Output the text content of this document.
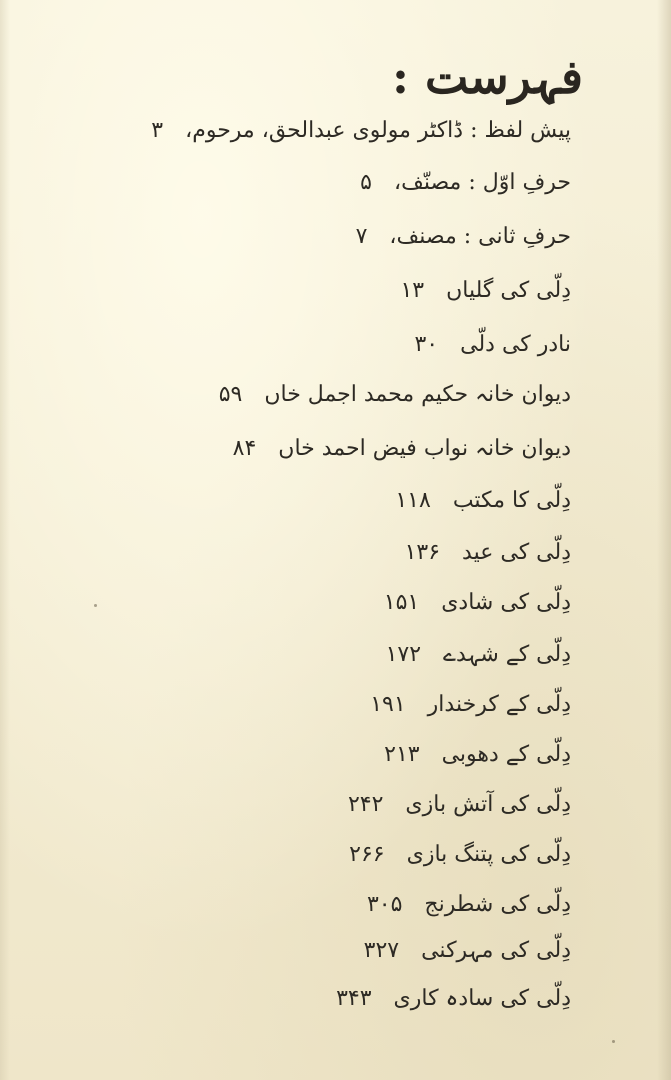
فہرست :
پیش لفظ : ڈاکٹر مولوی عبدالحق، مرحوم،۳
حرفِ اوّل : مصنّف،۵
حرفِ ثانی : مصنف،۷
دِلّی کی گلیاں۱۳
نادر کی دلّی۳۰
دیوان خانہ حکیم محمد اجمل خاں۵۹
دیوان خانہ نواب فیض احمد خاں۸۴
دِلّی کا مکتب۱۱۸
دِلّی کی عید۱۳۶
دِلّی کی شادی۱۵۱
دِلّی کے شہدے۱۷۲
دِلّی کے کرخندار۱۹۱
دِلّی کے دھوبی۲۱۳
دِلّی کی آتش بازی۲۴۲
دِلّی کی پتنگ بازی۲۶۶
دِلّی کی شطرنج۳۰۵
دِلّی کی مہرکنی۳۲۷
دِلّی کی سادہ کاری۳۴۳
